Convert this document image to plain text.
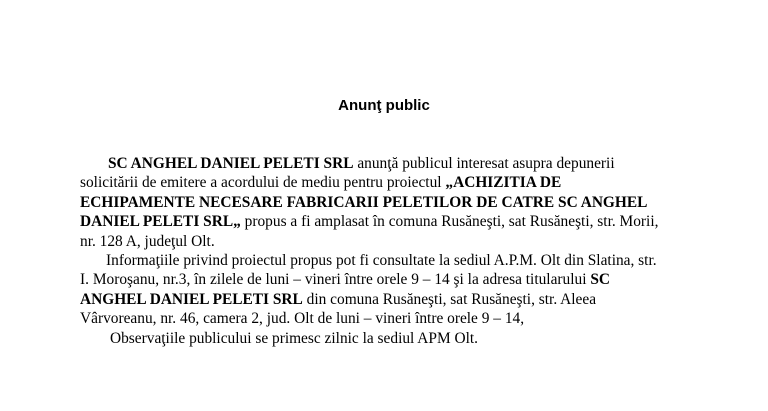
Anunţ public
SC ANGHEL DANIEL PELETI SRL anunţă publicul interesat asupra depunerii
solicitării de emitere a acordului de mediu pentru proiectul „ACHIZITIA DE
ECHIPAMENTE NECESARE FABRICARII PELETILOR DE CATRE SC ANGHEL
DANIEL PELETI SRL„ propus a fi amplasat în comuna Rusăneşti, sat Rusăneşti, str. Morii,
nr. 128 A, judeţul Olt.
Informaţiile privind proiectul propus pot fi consultate la sediul A.P.M. Olt din Slatina, str.
I. Moroşanu, nr.3, în zilele de luni – vineri între orele 9 – 14 şi la adresa titularului SC
ANGHEL DANIEL PELETI SRL din comuna Rusăneşti, sat Rusăneşti, str. Aleea
Vârvoreanu, nr. 46, camera 2, jud. Olt de luni – vineri între orele 9 – 14,
Observaţiile publicului se primesc zilnic la sediul APM Olt.
